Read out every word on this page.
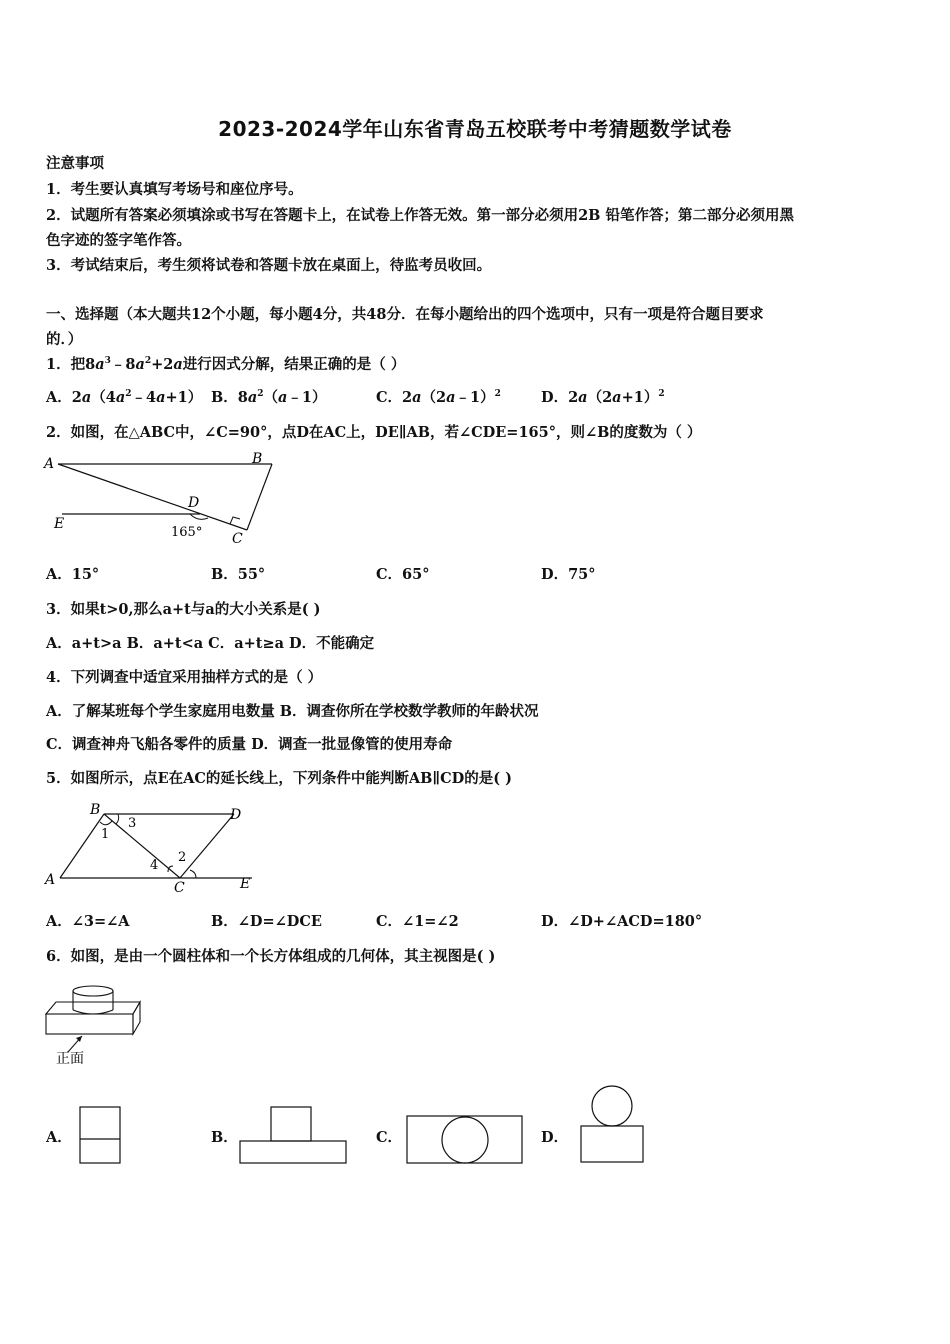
2023-2024学年山东省青岛五校联考中考猜题数学试卷
注意事项
1．考生要认真填写考场号和座位序号。
2．试题所有答案必须填涂或书写在答题卡上，在试卷上作答无效。第一部分必须用2B 铅笔作答；第二部分必须用黑
色字迹的签字笔作答。
3．考试结束后，考生须将试卷和答题卡放在桌面上，待监考员收回。
一、选择题（本大题共12个小题，每小题4分，共48分．在每小题给出的四个选项中，只有一项是符合题目要求
的．）
1．把$8a^3﹣8a^2+2a$进行因式分解，结果正确的是（ ）
A．$2a(4a^2﹣4a+1)$ B．$8a^2(a﹣1)$	C．2a（2a﹣1）$^2$	D．$2a(2a+1)^2$
2．如图，在△ABC中，∠C=90°，点D在AC上，DE∥AB，若∠CDE=165°，则∠B的度数为（ ）
A	B
D
E
C
165°
A．15°	B．55°	C．65°	D．75°
3．如果t>0,那么a+t与a的大小关系是( )
A．a+t>a B．a+t<a C．a+t≥a D．不能确定
4．下列调查中适宜采用抽样方式的是（ ）
A．了解某班每个学生家庭用电数量 B．调查你所在学校数学教师的年龄状况
C．调查神舟飞船各零件的质量 D．调查一批显像管的使用寿命
5．如图所示，点E在AC的延长线上，下列条件中能判断AB∥CD的是( )
A
B	D
C	E
1
3
4
2
A．∠3=∠A	B．∠D=∠DCE	C．∠1=∠2	D．∠D+∠ACD=180°
6．如图，是由一个圆柱体和一个长方体组成的几何体，其主视图是( )
正面
A．	B．	C．	D．
